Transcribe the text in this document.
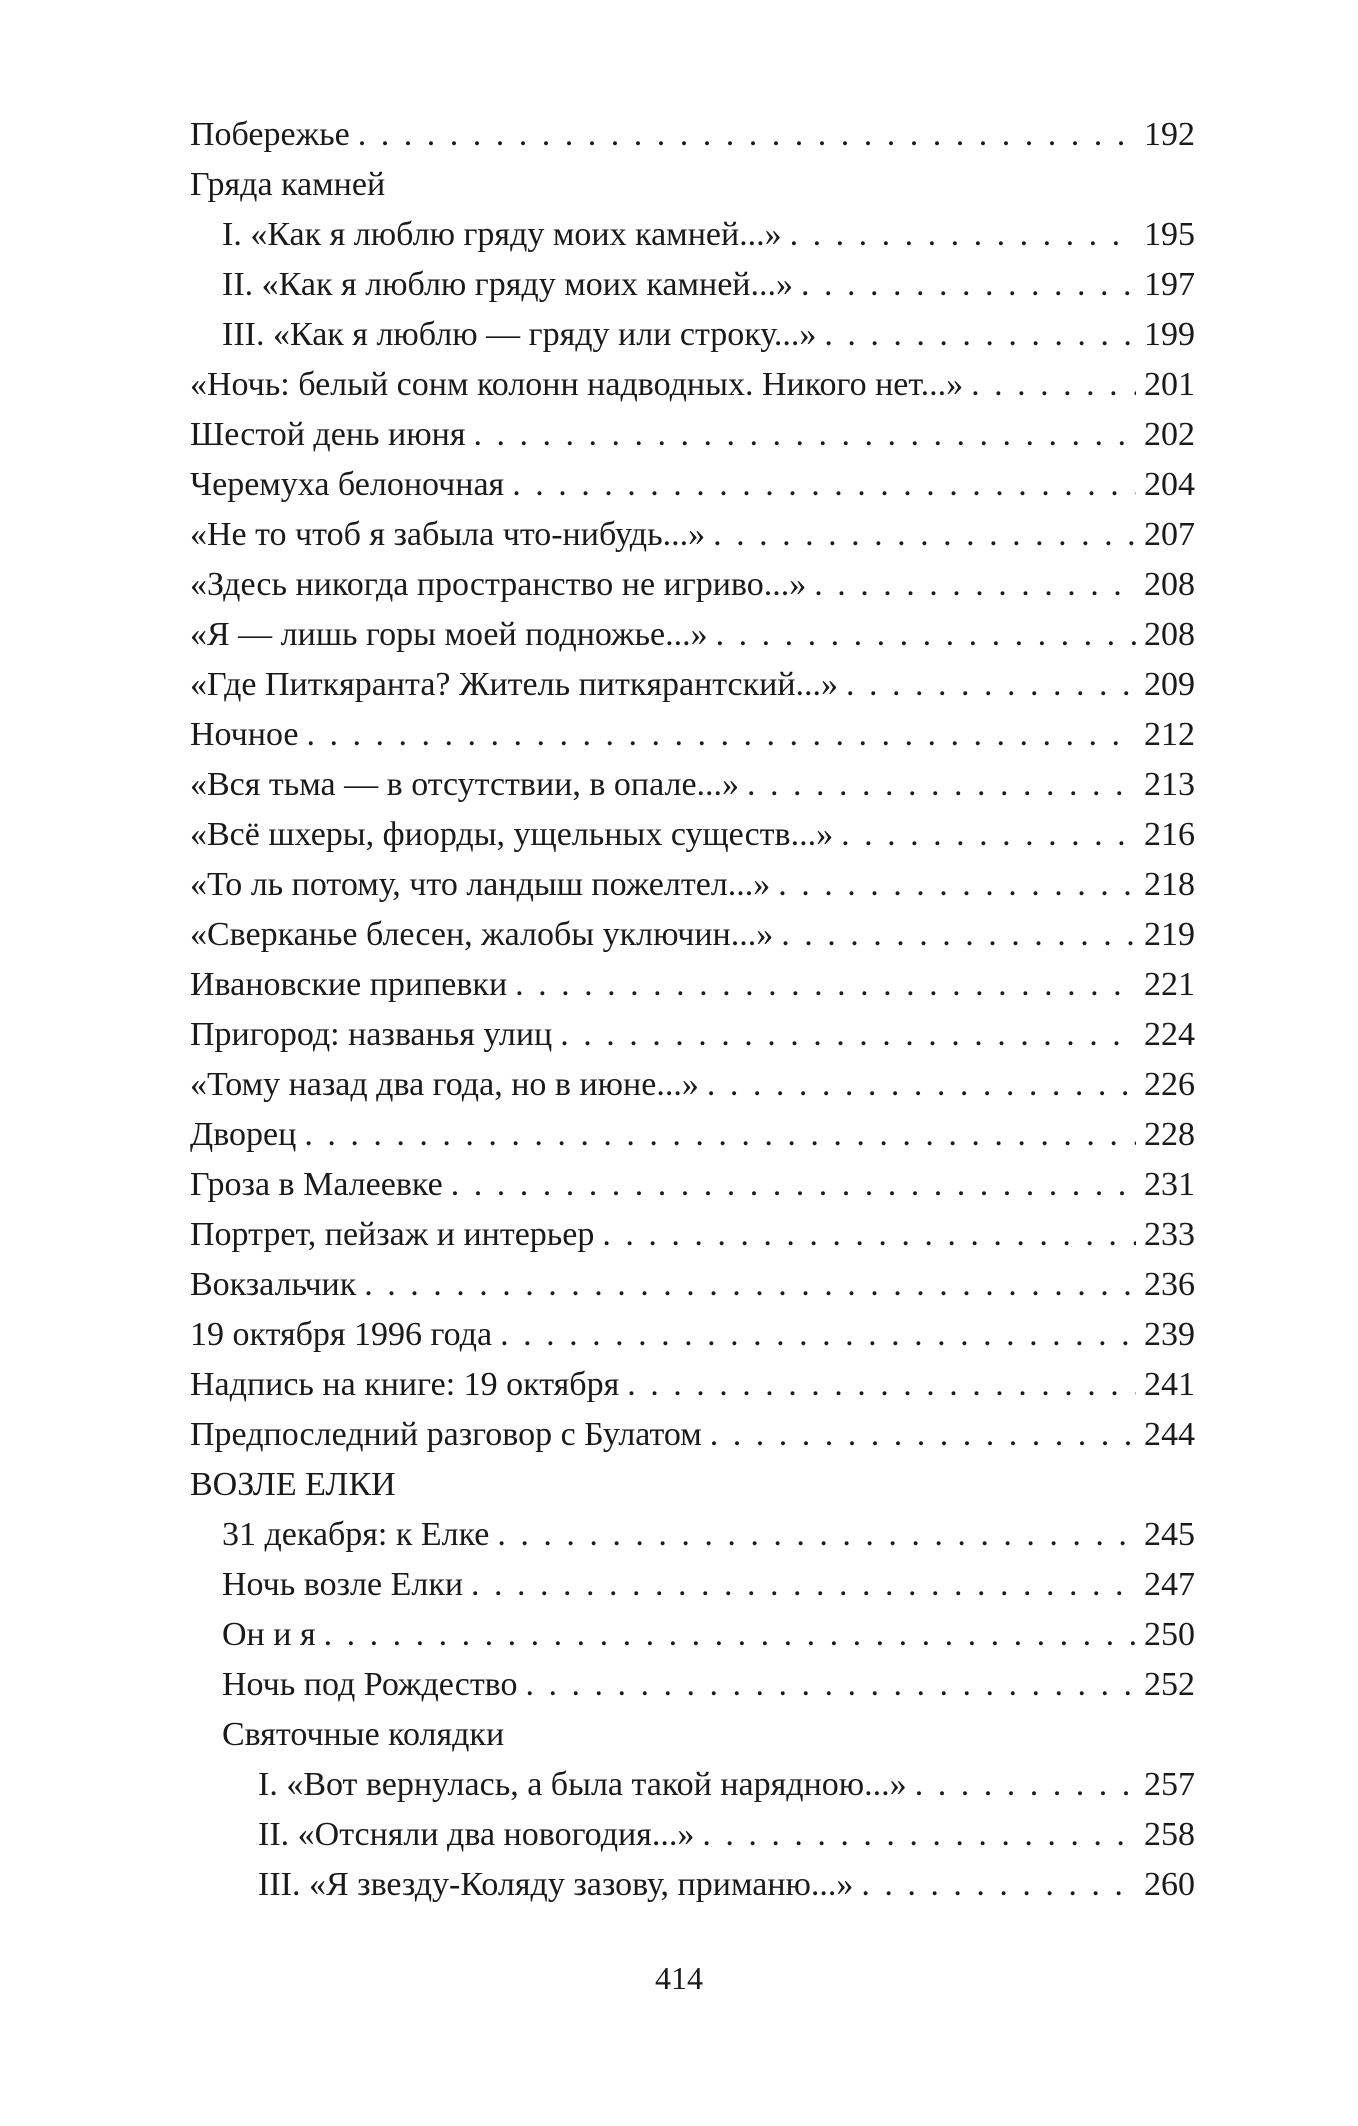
Побережье . . .	192
Гряда камней
I. «Как я люблю гряду моих камней...» . . .	195
II. «Как я люблю гряду моих камней...» . . .	197
III. «Как я люблю — гряду или строку...» . . .	199
«Ночь: белый сонм колонн надводных. Никого нет...» . . .	201
Шестой день июня . . .	202
Черемуха белоночная . . .	204
«Не то чтоб я забыла что-нибудь...» . . .	207
«Здесь никогда пространство не игриво...» . . .	208
«Я — лишь горы моей подножье...» . . .	208
«Где Питкяранта? Житель питкярантский...» . . .	209
Ночное . . .	212
«Вся тьма — в отсутствии, в опале...» . . .	213
«Всё шхеры, фиорды, ущельных существ...» . . .	216
«То ль потому, что ландыш пожелтел...» . . .	218
«Сверканье блесен, жалобы уключин...» . . .	219
Ивановские припевки . . .	221
Пригород: названья улиц . . .	224
«Тому назад два года, но в июне...» . . .	226
Дворец . . .	228
Гроза в Малеевке . . .	231
Портрет, пейзаж и интерьер . . .	233
Вокзальчик . . .	236
19 октября 1996 года . . .	239
Надпись на книге: 19 октября . . .	241
Предпоследний разговор с Булатом . . .	244
ВОЗЛЕ ЕЛКИ
31 декабря: к Елке . . .	245
Ночь возле Елки . . .	247
Он и я . . .	250
Ночь под Рождество . . .	252
Святочные колядки
I. «Вот вернулась, а была такой нарядною...» . . .	257
II. «Отсняли два новогодия...» . . .	258
III. «Я звезду-Коляду зазову, приманю...» . . .	260
414
